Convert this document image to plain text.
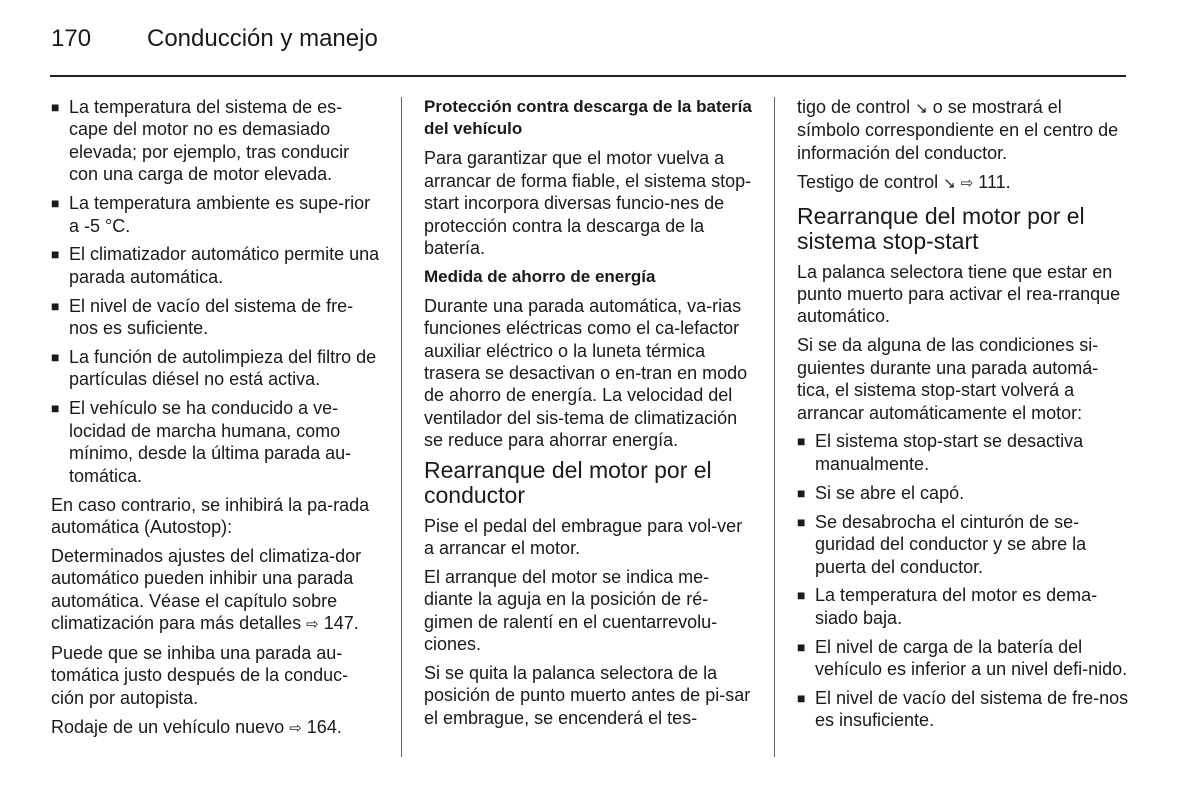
170 Conducción y manejo
■ La temperatura del sistema de es-cape del motor no es demasiado elevada; por ejemplo, tras conducir con una carga de motor elevada.
■ La temperatura ambiente es supe-rior a -5 °C.
■ El climatizador automático permite una parada automática.
■ El nivel de vacío del sistema de fre-nos es suficiente.
■ La función de autolimpieza del filtro de partículas diésel no está activa.
■ El vehículo se ha conducido a ve-locidad de marcha humana, como mínimo, desde la última parada au-tomática.

En caso contrario, se inhibirá la pa-rada automática (Autostop):

Determinados ajustes del climatiza-dor automático pueden inhibir una parada automática. Véase el capítulo sobre climatización para más detalles ⇨ 147.

Puede que se inhiba una parada au-tomática justo después de la conduc-ción por autopista.

Rodaje de un vehículo nuevo ⇨ 164.

Protección contra descarga de la batería del vehículo

Para garantizar que el motor vuelva a arrancar de forma fiable, el sistema stop-start incorpora diversas funcio-nes de protección contra la descarga de la batería.

Medida de ahorro de energía

Durante una parada automática, va-rias funciones eléctricas como el ca-lefactor auxiliar eléctrico o la luneta térmica trasera se desactivan o en-tran en modo de ahorro de energía. La velocidad del ventilador del sis-tema de climatización se reduce para ahorrar energía.

Rearranque del motor por el conductor

Pise el pedal del embrague para vol-ver a arrancar el motor.

El arranque del motor se indica me-diante la aguja en la posición de ré-gimen de ralentí en el cuentarrevolu-ciones.

Si se quita la palanca selectora de la posición de punto muerto antes de pi-sar el embrague, se encenderá el tes-

tigo de control ↘ o se mostrará el símbolo correspondiente en el centro de información del conductor.

Testigo de control ↘ ⇨ 111.

Rearranque del motor por el sistema stop-start

La palanca selectora tiene que estar en punto muerto para activar el rea-rranque automático.

Si se da alguna de las condiciones si-guientes durante una parada automá-tica, el sistema stop-start volverá a arrancar automáticamente el motor:

■ El sistema stop-start se desactiva manualmente.
■ Si se abre el capó.
■ Se desabrocha el cinturón de se-guridad del conductor y se abre la puerta del conductor.
■ La temperatura del motor es dema-siado baja.
■ El nivel de carga de la batería del vehículo es inferior a un nivel defi-nido.
■ El nivel de vacío del sistema de fre-nos es insuficiente.
